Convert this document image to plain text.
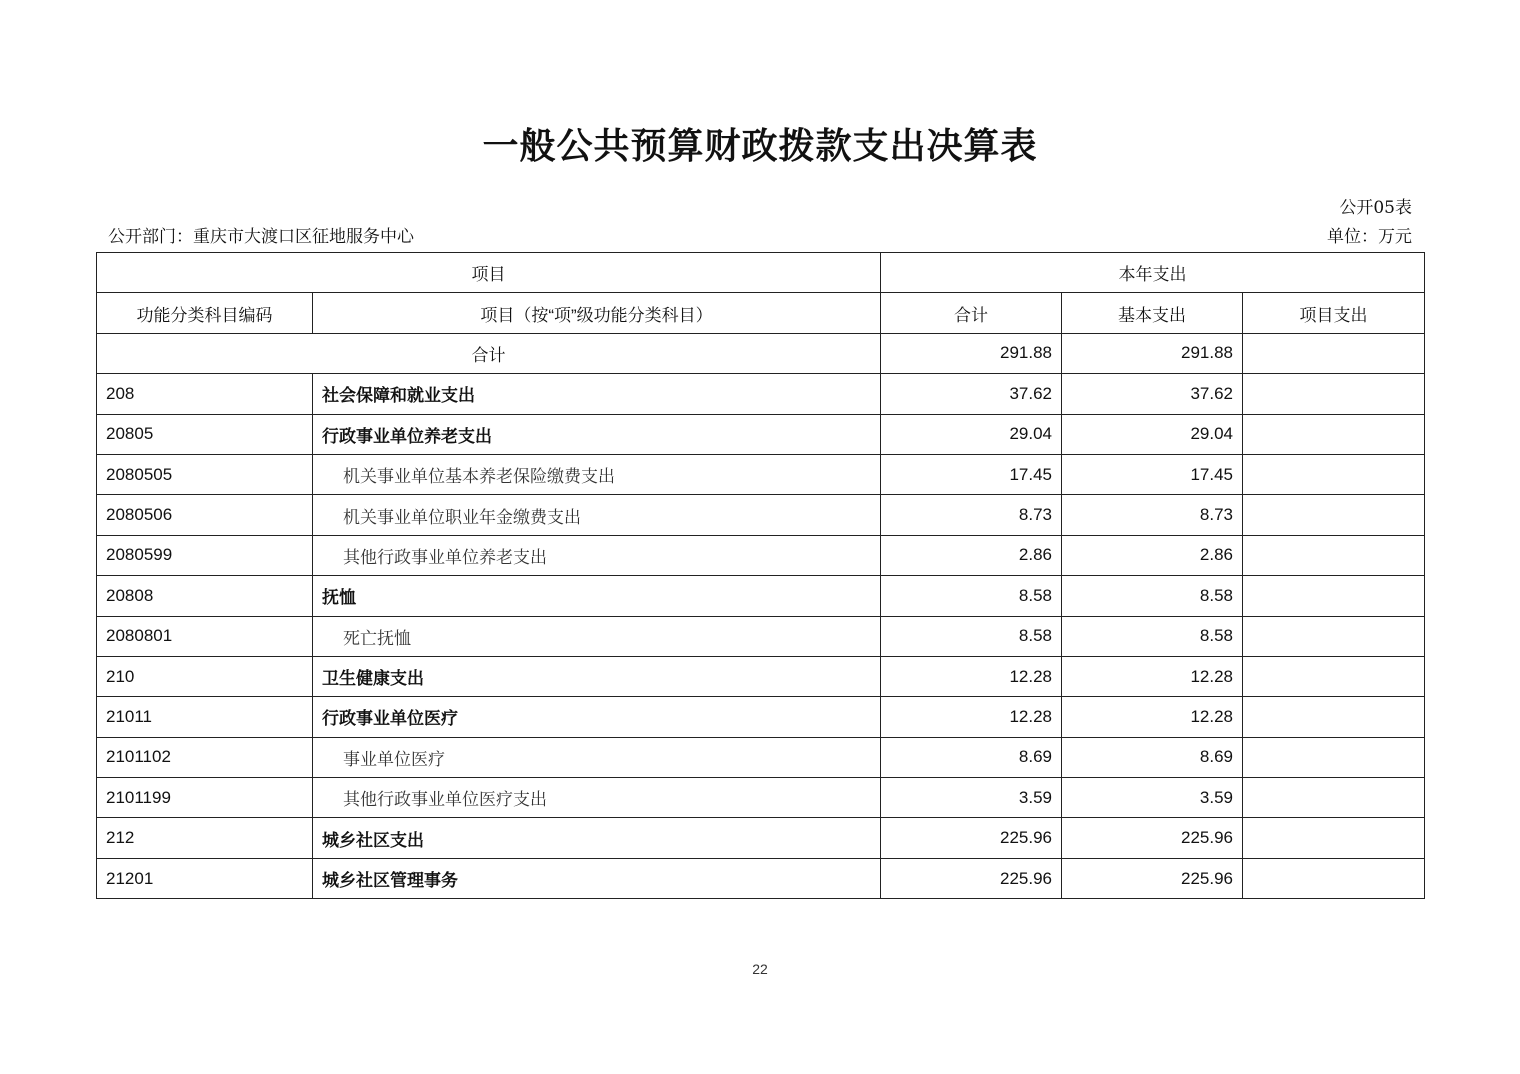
一般公共预算财政拨款支出决算表
公开05表
公开部门：重庆市大渡口区征地服务中心	单位：万元
项目		本年支出		
功能分类科目编码	项目（按“项”级功能分类科目）	合计	基本支出	项目支出
合计		291.88	291.88	
208	社会保障和就业支出	37.62	37.62	
20805	行政事业单位养老支出	29.04	29.04	
2080505	机关事业单位基本养老保险缴费支出	17.45	17.45	
2080506	机关事业单位职业年金缴费支出	8.73	8.73	
2080599	其他行政事业单位养老支出	2.86	2.86	
20808	抚恤	8.58	8.58	
2080801	死亡抚恤	8.58	8.58	
210	卫生健康支出	12.28	12.28	
21011	行政事业单位医疗	12.28	12.28	
2101102	事业单位医疗	8.69	8.69	
2101199	其他行政事业单位医疗支出	3.59	3.59	
212	城乡社区支出	225.96	225.96	
21201	城乡社区管理事务	225.96	225.96	
22
